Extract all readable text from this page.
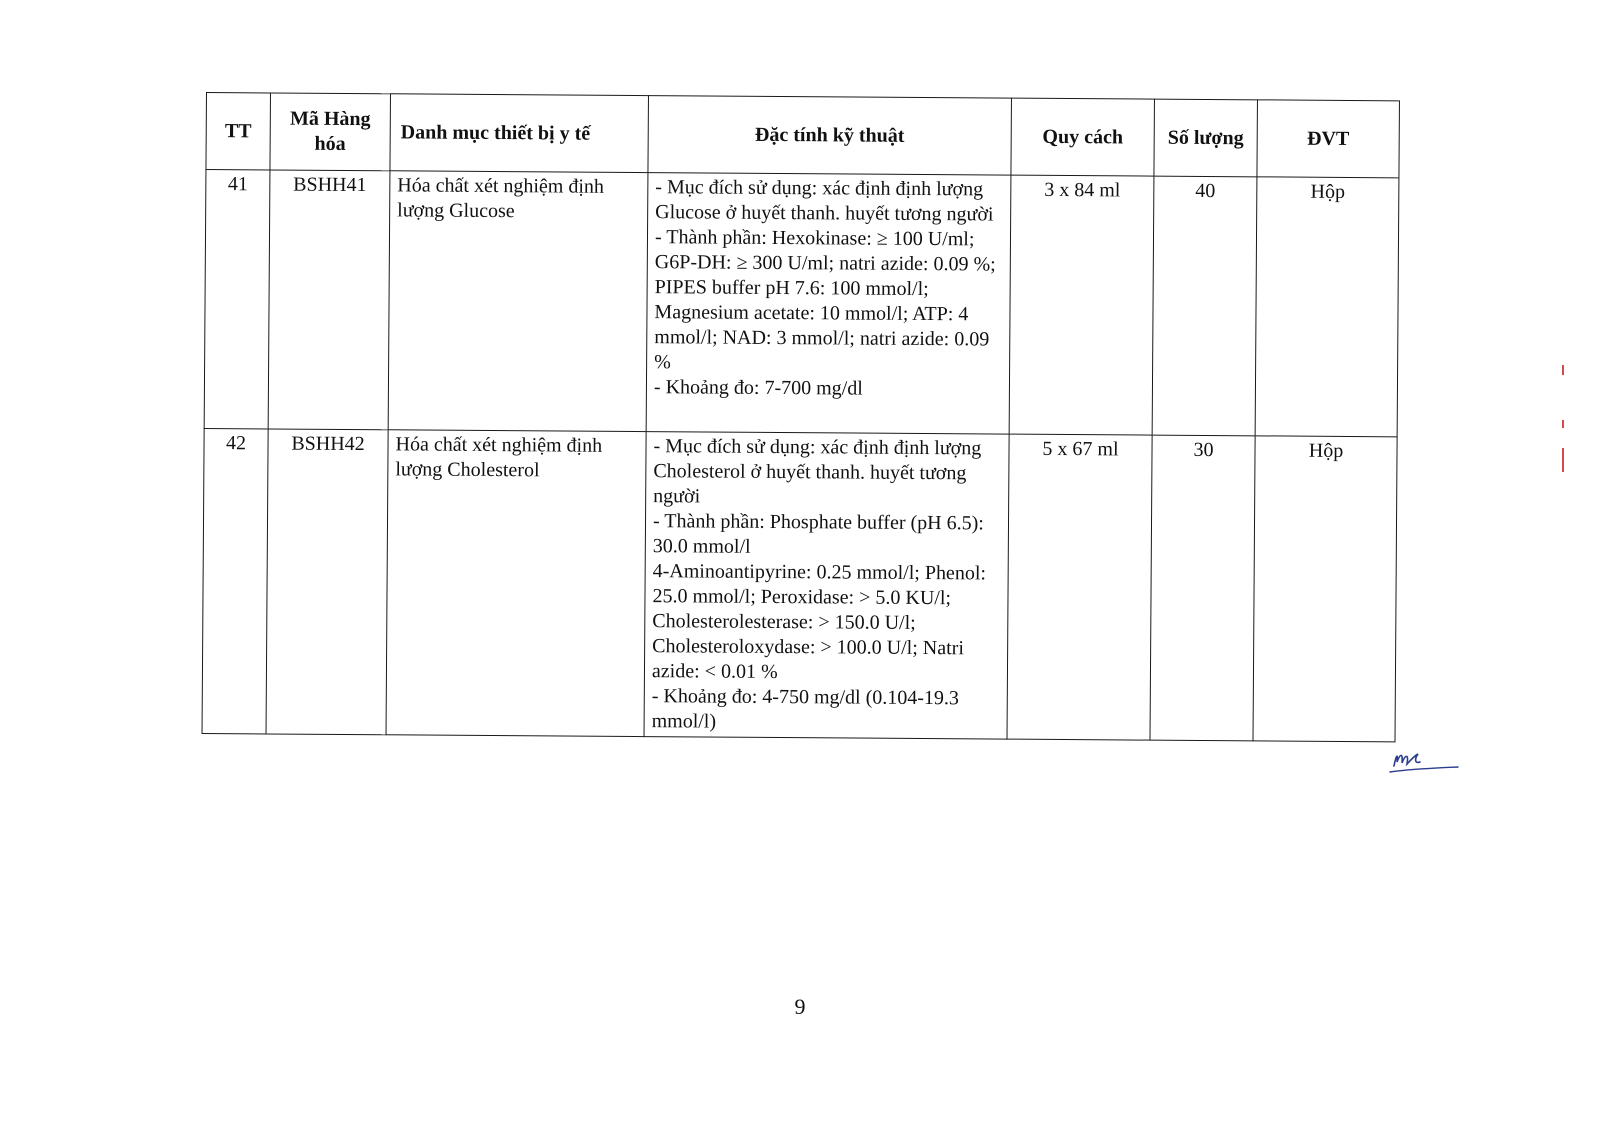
TT	Mã Hàng hóa	Danh mục thiết bị y tế	Đặc tính kỹ thuật	Quy cách	Số lượng	ĐVT
41	BSHH41	Hóa chất xét nghiệm định lượng Glucose	- Mục đích sử dụng: xác định định lượng Glucose ở huyết thanh. huyết tương người
- Thành phần: Hexokinase: ≥ 100 U/ml; G6P-DH: ≥ 300 U/ml; natri azide: 0.09 %; PIPES buffer pH 7.6: 100 mmol/l; Magnesium acetate: 10 mmol/l; ATP: 4 mmol/l; NAD: 3 mmol/l; natri azide: 0.09 %
- Khoảng đo: 7-700 mg/dl	3 x 84 ml	40	Hộp
42	BSHH42	Hóa chất xét nghiệm định lượng Cholesterol	- Mục đích sử dụng: xác định định lượng Cholesterol ở huyết thanh. huyết tương người
- Thành phần: Phosphate buffer (pH 6.5): 30.0 mmol/l
4-Aminoantipyrine: 0.25 mmol/l; Phenol: 25.0 mmol/l; Peroxidase: > 5.0 KU/l; Cholesterolesterase: > 150.0 U/l; Cholesteroloxydase: > 100.0 U/l; Natri azide: < 0.01 %
- Khoảng đo: 4-750 mg/dl (0.104-19.3 mmol/l)	5 x 67 ml	30	Hộp
9
